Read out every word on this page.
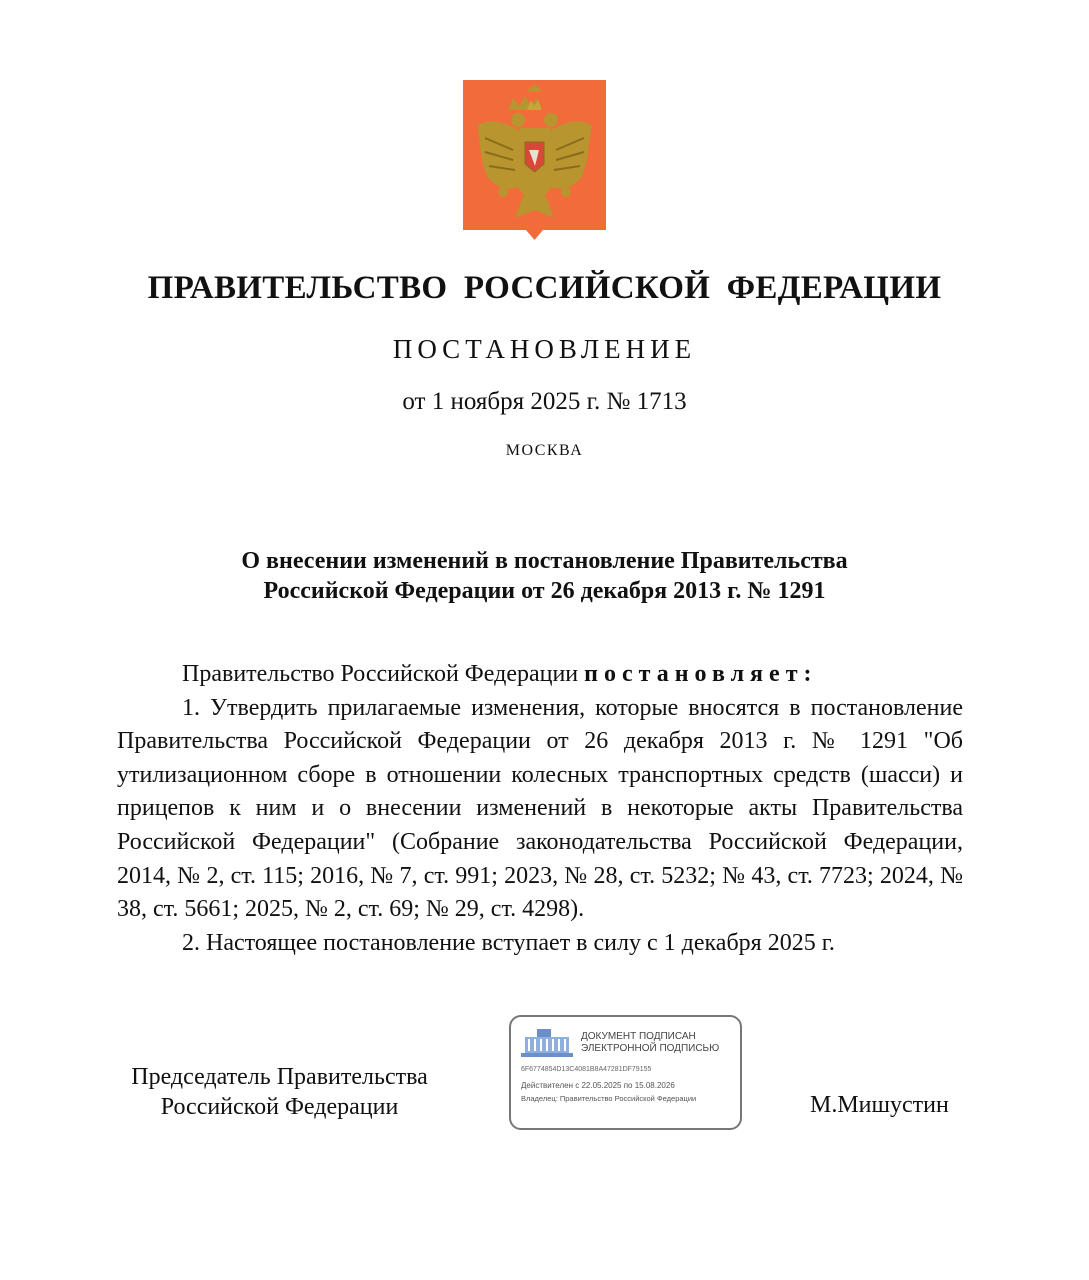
ПРАВИТЕЛЬСТВО РОССИЙСКОЙ ФЕДЕРАЦИИ
ПОСТАНОВЛЕНИЕ
от 1 ноября 2025 г. № 1713
МОСКВА
О внесении изменений в постановление Правительства
Российской Федерации от 26 декабря 2013 г. № 1291

Правительство Российской Федерации постановляет:

1. Утвердить прилагаемые изменения, которые вносятся в постановление Правительства Российской Федерации от 26 декабря 2013 г. № 1291 "Об утилизационном сборе в отношении колесных транспортных средств (шасси) и прицепов к ним и о внесении изменений в некоторые акты Правительства Российской Федерации" (Собрание законодательства Российской Федерации, 2014, № 2, ст. 115; 2016, № 7, ст. 991; 2023, № 28, ст. 5232; № 43, ст. 7723; 2024, № 38, ст. 5661; 2025, № 2, ст. 69; № 29, ст. 4298).

2. Настоящее постановление вступает в силу с 1 декабря 2025 г.

Председатель Правительства
Российской Федерации
ДОКУМЕНТ ПОДПИСАН
ЭЛЕКТРОННОЙ ПОДПИСЬЮ
6F6774854D13C4081B8A47281DF79155
Действителен с 22.05.2025 по 15.08.2026
Владелец: Правительство Российской Федерации	М.Мишустин
